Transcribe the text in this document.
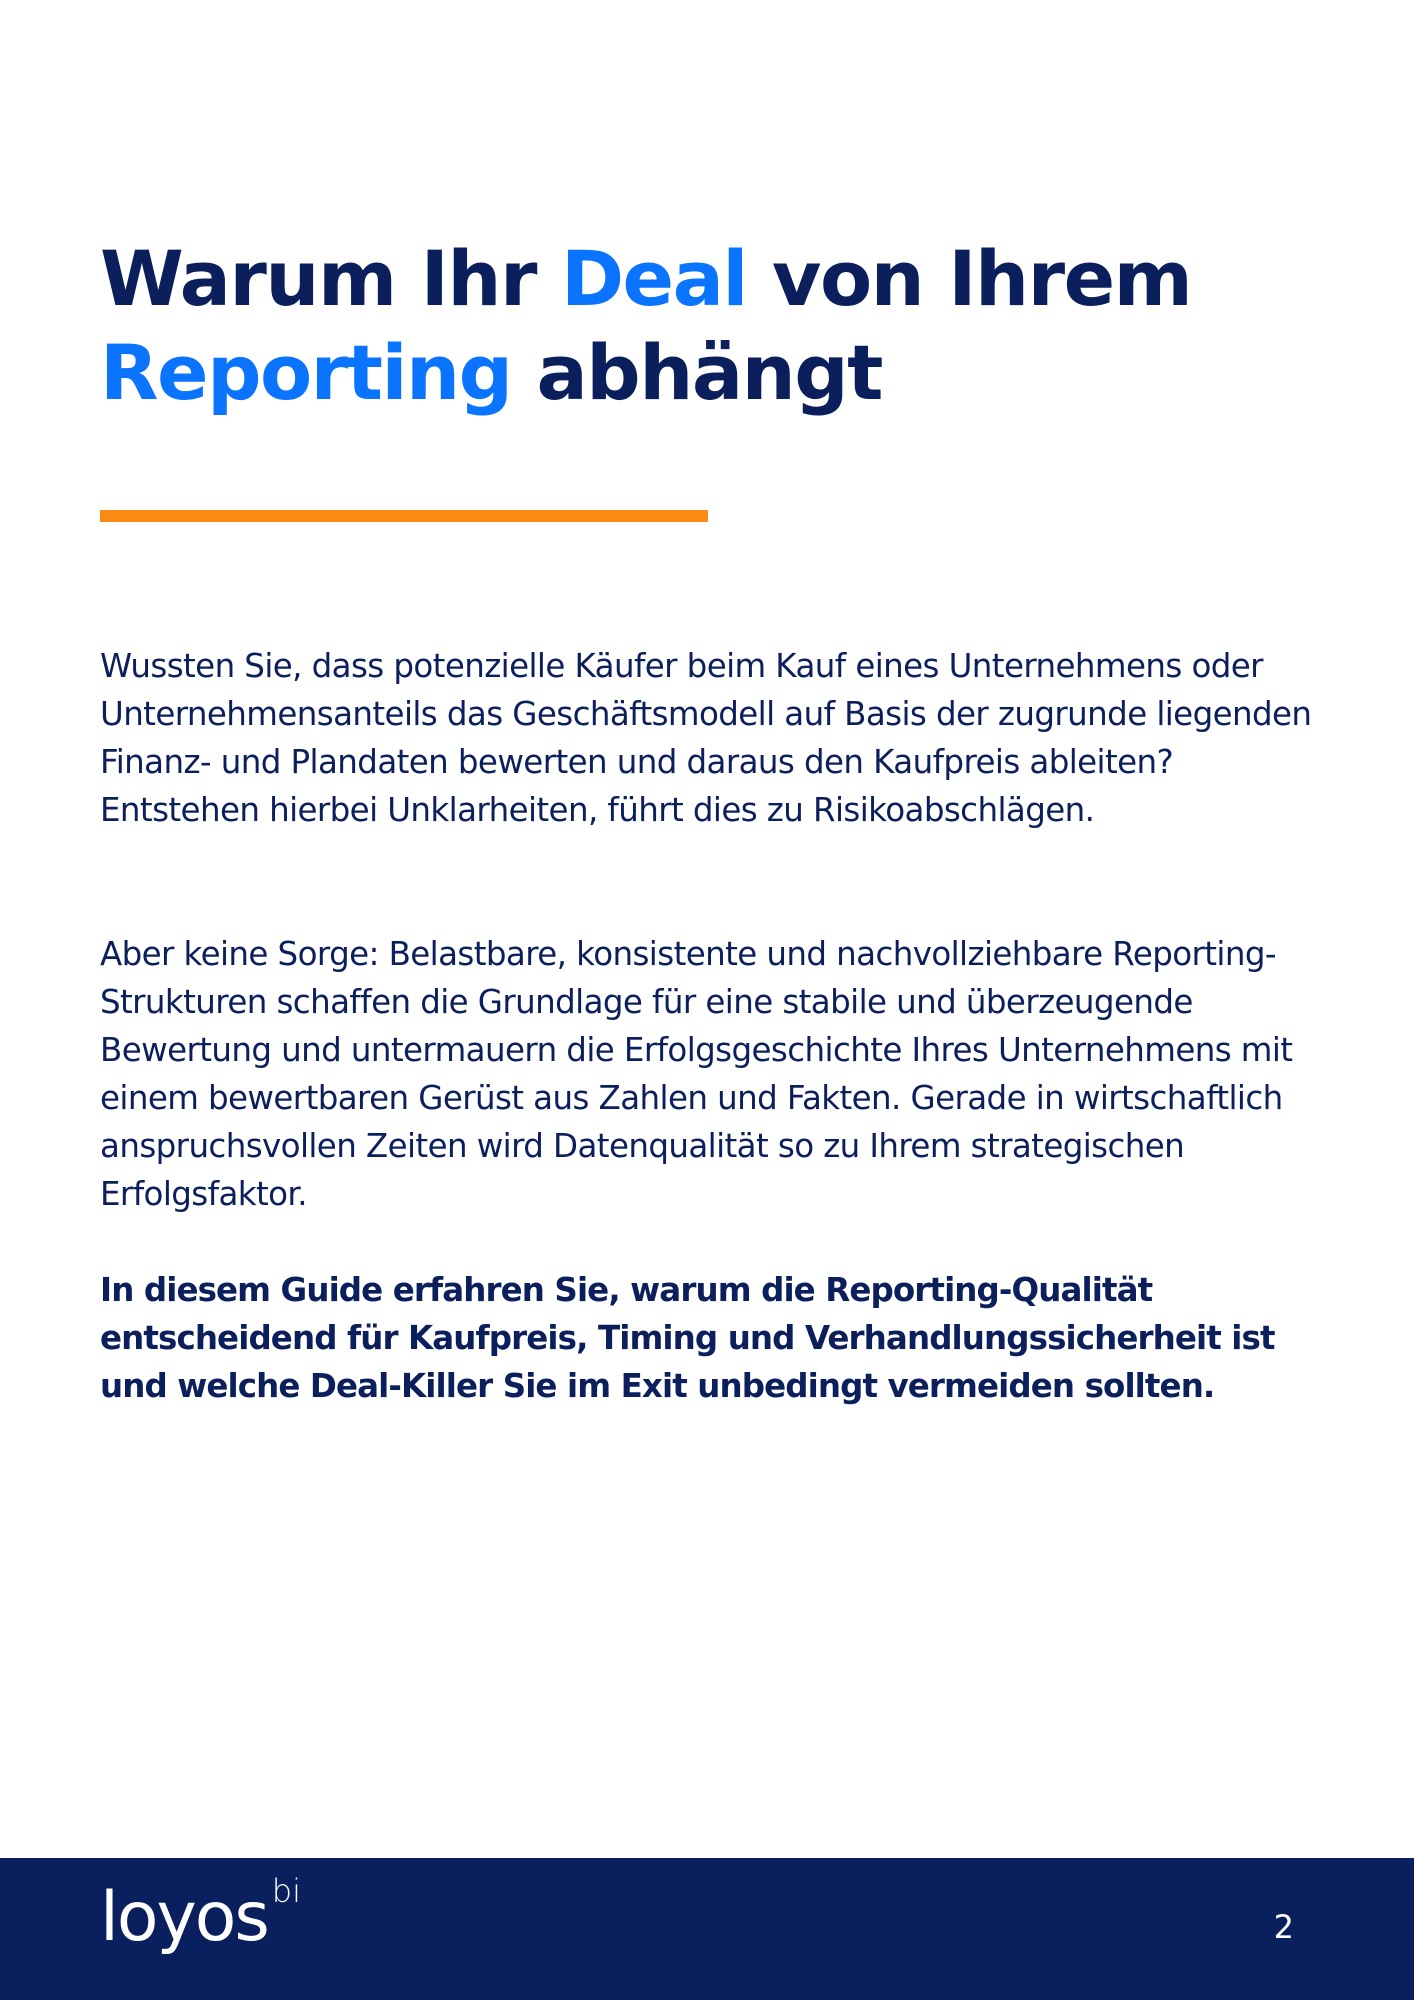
Warum Ihr Deal von Ihrem
Reporting abhängt

Wussten Sie, dass potenzielle Käufer beim Kauf eines Unternehmens oder Unternehmensanteils das Geschäftsmodell auf Basis der zugrunde liegenden Finanz- und Plandaten bewerten und daraus den Kaufpreis ableiten? Entstehen hierbei Unklarheiten, führt dies zu Risikoabschlägen.

Aber keine Sorge: Belastbare, konsistente und nachvollziehbare Reporting-Strukturen schaffen die Grundlage für eine stabile und überzeugende Bewertung und untermauern die Erfolgsgeschichte Ihres Unternehmens mit einem bewertbaren Gerüst aus Zahlen und Fakten. Gerade in wirtschaftlich anspruchsvollen Zeiten wird Datenqualität so zu Ihrem strategischen Erfolgsfaktor.

In diesem Guide erfahren Sie, warum die Reporting-Qualität entscheidend für Kaufpreis, Timing und Verhandlungssicherheit ist und welche Deal-Killer Sie im Exit unbedingt vermeiden sollten.

loyos bi
2
